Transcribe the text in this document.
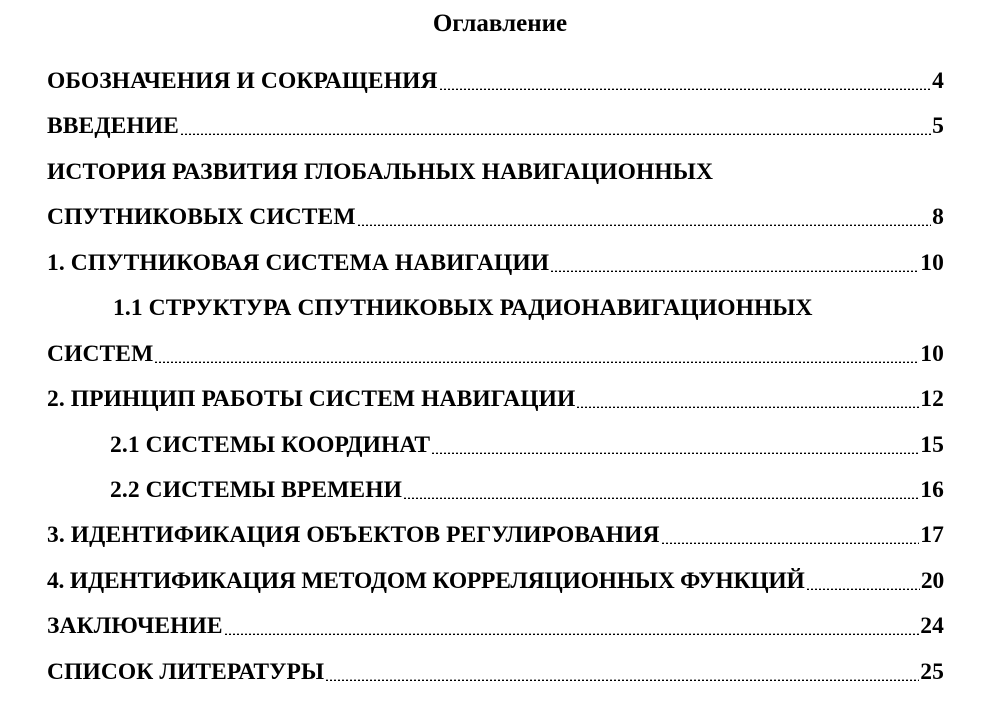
Оглавление
ОБОЗНАЧЕНИЯ И СОКРАЩЕНИЯ	4
ВВЕДЕНИЕ	5
ИСТОРИЯ РАЗВИТИЯ ГЛОБАЛЬНЫХ НАВИГАЦИОННЫХ
СПУТНИКОВЫХ СИСТЕМ	8
1. СПУТНИКОВАЯ СИСТЕМА НАВИГАЦИИ	10
1.1 СТРУКТУРА СПУТНИКОВЫХ РАДИОНАВИГАЦИОННЫХ
СИСТЕМ	10
2. ПРИНЦИП РАБОТЫ СИСТЕМ НАВИГАЦИИ	12
2.1 СИСТЕМЫ КООРДИНАТ	15
2.2 СИСТЕМЫ ВРЕМЕНИ	16
3. ИДЕНТИФИКАЦИЯ ОБЪЕКТОВ РЕГУЛИРОВАНИЯ	17
4. ИДЕНТИФИКАЦИЯ МЕТОДОМ КОРРЕЛЯЦИОННЫХ ФУНКЦИЙ	20
ЗАКЛЮЧЕНИЕ	24
СПИСОК ЛИТЕРАТУРЫ	25
